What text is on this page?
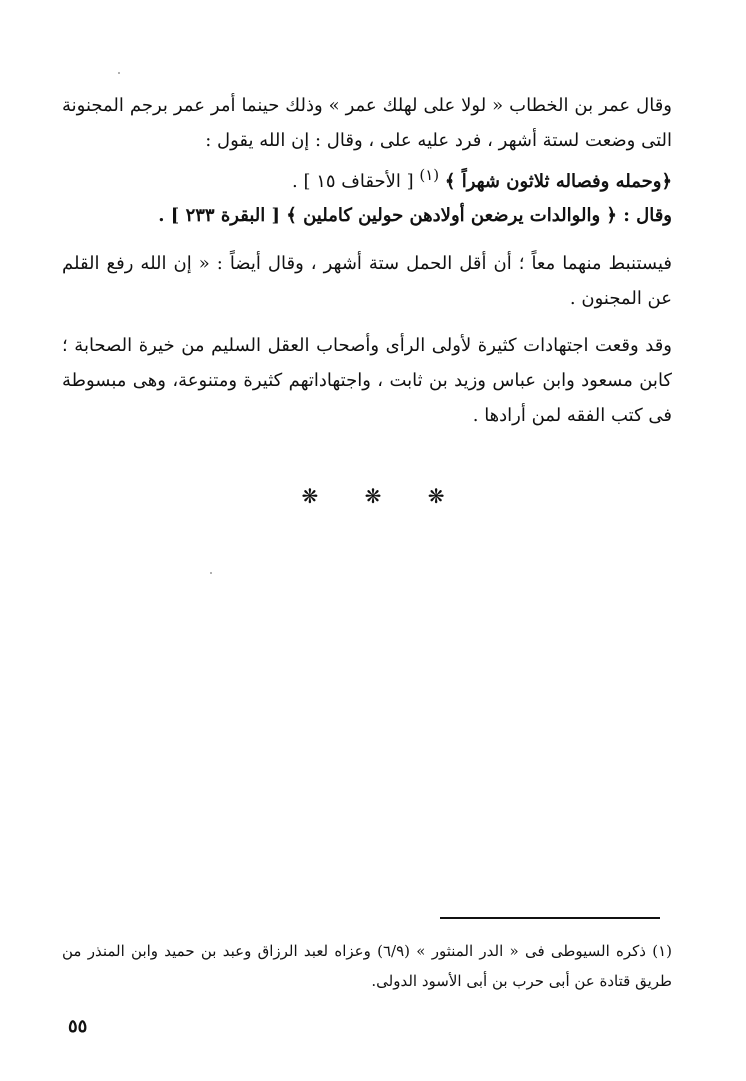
وقال عمر بن الخطاب « لولا على لهلك عمر » وذلك حينما أمر عمر برجم المجنونة التى وضعت لستة أشهر ، فرد عليه على ، وقال : إن الله يقول :
﴿وحمله وفصاله ثلاثون شهراً ﴾ $^{(١)}$ [ الأحقاف ١٥ ] .

وقال : ﴿ والوالدات يرضعن أولادهن حولين كاملين ﴾ [ البقرة ٢٣٣ ] .

فيستنبط منهما معاً ؛ أن أقل الحمل ستة أشهر ، وقال أيضاً : « إن الله رفع القلم عن المجنون .

وقد وقعت اجتهادات كثيرة لأولى الرأى وأصحاب العقل السليم من خيرة الصحابة ؛ كابن مسعود وابن عباس وزيد بن ثابت ، واجتهاداتهم كثيرة ومتنوعة، وهى مبسوطة فى كتب الفقه لمن أرادها .

❋ ❋ ❋
(١) ذكره السيوطى فى « الدر المنثور » (٦/٩) وعزاه لعبد الرزاق وعبد بن حميد وابن المنذر من طريق قتادة عن أبى حرب بن أبى الأسود الدولى.
٥٥
